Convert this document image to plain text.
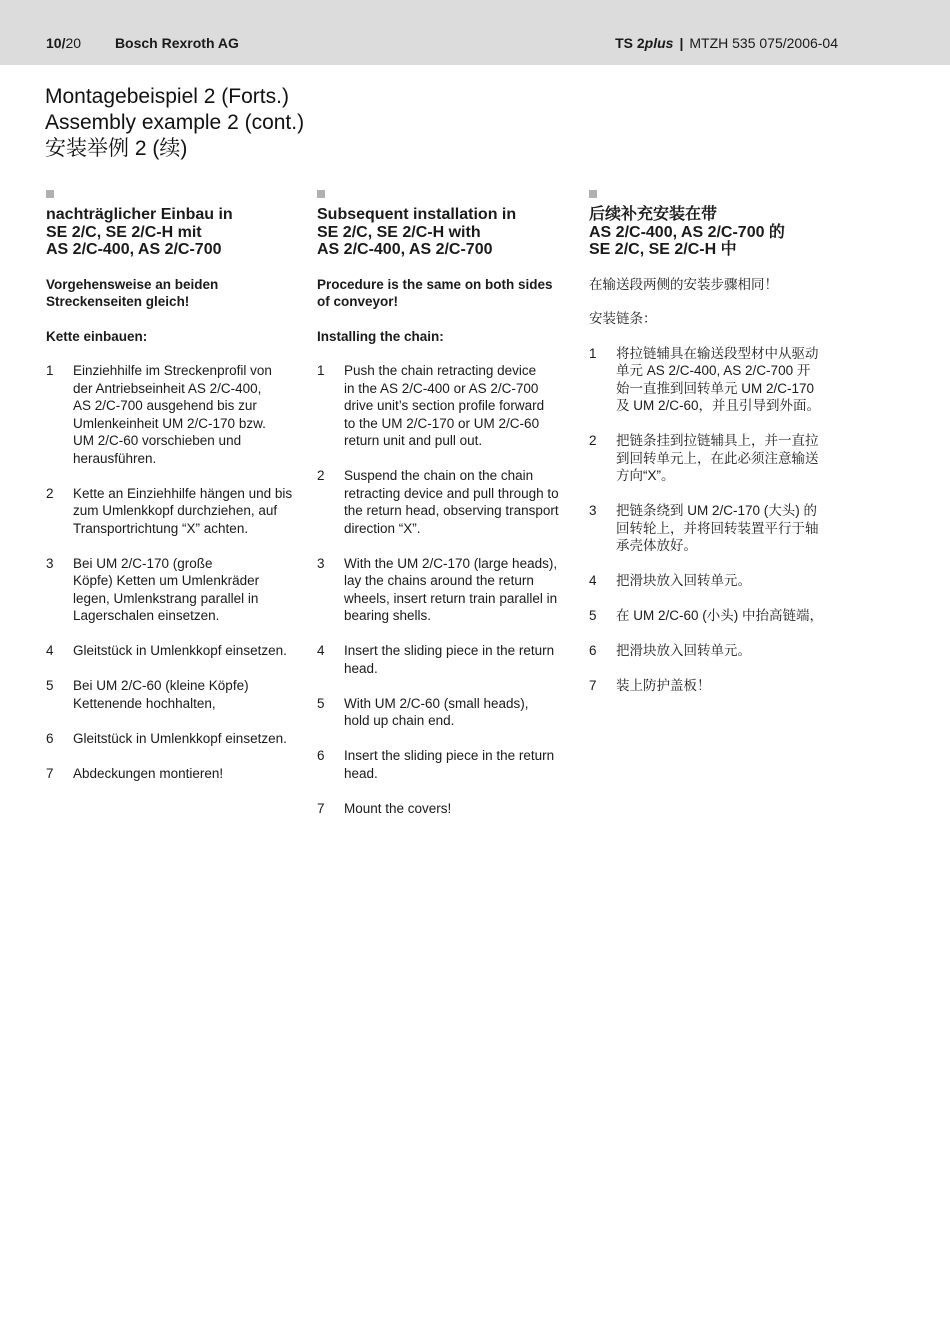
10/20 Bosch Rexroth AG	TS 2plus | MTZH 535 075/2006-04
Montagebeispiel 2 (Forts.)
Assembly example 2 (cont.)
安装举例 2 (续)
nachträglicher Einbau in
SE 2/C, SE 2/C-H mit
AS 2/C-400, AS 2/C-700
Vorgehensweise an beiden
Streckenseiten gleich!
Kette einbauen:
1	Einziehhilfe im Streckenprofil von
der Antriebseinheit AS 2/C-400,
AS 2/C-700 ausgehend bis zur
Umlenkeinheit UM 2/C-170 bzw.
UM 2/C-60 vorschieben und
herausführen.
2	Kette an Einziehhilfe hängen und bis
zum Umlenkkopf durchziehen, auf
Transportrichtung “X” achten.
3	Bei UM 2/C-170 (große
Köpfe) Ketten um Umlenkräder
legen, Umlenkstrang parallel in
Lagerschalen einsetzen.
4	Gleitstück in Umlenkkopf einsetzen.
5	Bei UM 2/C-60 (kleine Köpfe)
Kettenende hochhalten,
6	Gleitstück in Umlenkkopf einsetzen.
7	Abdeckungen montieren!
Subsequent installation in
SE 2/C, SE 2/C-H with
AS 2/C-400, AS 2/C-700
Procedure is the same on both sides
of conveyor!
Installing the chain:
1	Push the chain retracting device
in the AS 2/C-400 or AS 2/C-700
drive unit’s section profile forward
to the UM 2/C-170 or UM 2/C-60
return unit and pull out.
2	Suspend the chain on the chain
retracting device and pull through to
the return head, observing transport
direction “X”.
3	With the UM 2/C-170 (large heads),
lay the chains around the return
wheels, insert return train parallel in
bearing shells.
4	Insert the sliding piece in the return
head.
5	With UM 2/C-60 (small heads),
hold up chain end.
6	Insert the sliding piece in the return
head.
7	Mount the covers!
后续补充安装在带
AS 2/C-400, AS 2/C-700 的
SE 2/C, SE 2/C-H 中
在输送段两侧的安装步骤相同！
安装链条：
1	将拉链辅具在输送段型材中从驱动
单元 AS 2/C-400, AS 2/C-700 开
始一直推到回转单元 UM 2/C-170
及 UM 2/C-60，并且引导到外面。
2	把链条挂到拉链辅具上，并一直拉
到回转单元上，在此必须注意输送
方向“X”。
3	把链条绕到 UM 2/C-170 (大头) 的
回转轮上，并将回转装置平行于轴
承壳体放好。
4	把滑块放入回转单元。
5	在 UM 2/C-60 (小头) 中抬高链端，
6	把滑块放入回转单元。
7	装上防护盖板！
